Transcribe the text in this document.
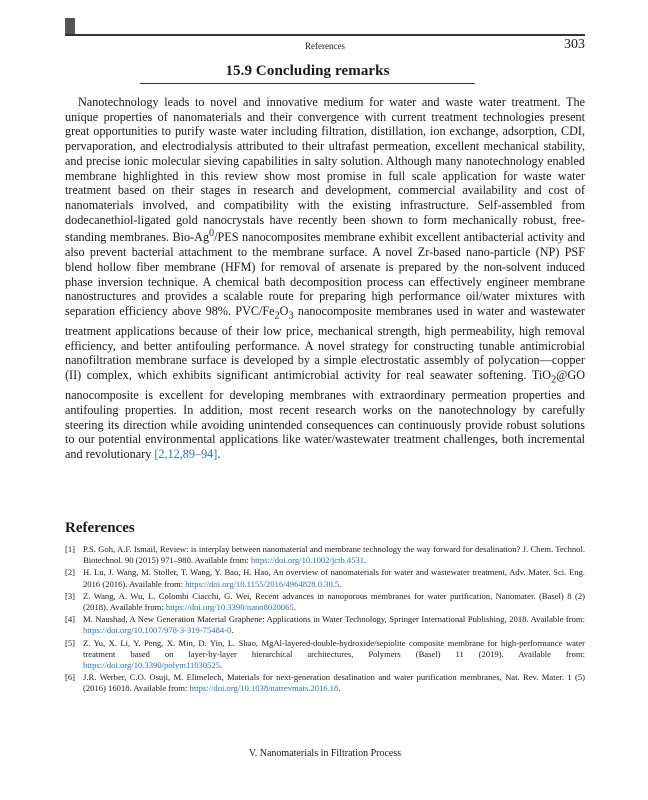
References	303
15.9 Concluding remarks

Nanotechnology leads to novel and innovative medium for water and waste water treatment. The unique properties of nanomaterials and their convergence with current treatment technologies present great opportunities to purify waste water including filtration, distillation, ion exchange, adsorption, CDI, pervaporation, and electrodialysis attributed to their ultrafast permeation, excellent mechanical stability, and precise ionic molecular sieving capabilities in salty solution. Although many nanotechnology enabled membrane highlighted in this review show most promise in full scale application for waste water treatment based on their stages in research and development, commercial availability and cost of nanomaterials involved, and compatibility with the existing infrastructure. Self-assembled from dodecanethiol-ligated gold nanocrystals have recently been shown to form mechanically robust, free-standing membranes. Bio-Ag$^0$/PES nanocomposites membrane exhibit excellent antibacterial activity and also prevent bacterial attachment to the membrane surface. A novel Zr-based nano-particle (NP) PSF blend hollow fiber membrane (HFM) for removal of arsenate is prepared by the non-solvent induced phase inversion technique. A chemical bath decomposition process can effectively engineer membrane nanostructures and provides a scalable route for preparing high performance oil/water mixtures with separation efficiency above 98%. PVC/$Fe_2O_3$ nanocomposite membranes used in water and wastewater treatment applications because of their low price, mechanical strength, high permeability, high removal efficiency, and better antifouling performance. A novel strategy for constructing tunable antimicrobial nanofiltration membrane surface is developed by a simple electrostatic assembly of polycation—copper (II) complex, which exhibits significant antimicrobial activity for real seawater softening. TiO$_2$@GO nanocomposite is excellent for developing membranes with extraordinary permeation properties and antifouling properties. In addition, most recent research works on the nanotechnology by carefully steering its direction while avoiding unintended consequences can continuously provide robust solutions to our potential environmental applications like water/wastewater treatment challenges, both incremental and revolutionary [2,12,89–94].

References
[1] P.S. Goh, A.F. Ismail, Review: is interplay between nanomaterial and membrane technology the way forward for desalination? J. Chem. Technol. Biotechnol. 90 (2015) 971–980. Available from: https://doi.org/10.1002/jctb.4531.
[2] H. Lu, J. Wang, M. Stoller, T. Wang, Y. Bao, H. Hao, An overview of nanomaterials for water and wastewater treatment, Adv. Mater. Sci. Eng. 2016 (2016). Available from: https://doi.org/10.1155/2016/4964828.0.30.5.
[3] Z. Wang, A. Wu, L. Colombi Ciacchi, G. Wei, Recent advances in nanoporous membranes for water purification, Nanomater. (Basel) 8 (2) (2018). Available from: https://doi.org/10.3390/nano8020065.
[4] M. Naushad, A New Generation Material Graphene: Applications in Water Technology, Springer International Publishing, 2018. Available from: https://doi.org/10.1007/978-3-319-75484-0.
[5] Z. Yu, X. Li, Y. Peng, X. Min, D. Yin, L. Shao, MgAl-layered-double-hydroxide/sepiolite composite membrane for high-performance water treatment based on layer-by-layer hierarchical architectures, Polymers (Basel) 11 (2019). Available from: https://doi.org/10.3390/polym11030525.
[6] J.R. Werber, C.O. Osuji, M. Elimelech, Materials for next-generation desalination and water purification membranes, Nat. Rev. Mater. 1 (5) (2016) 16018. Available from: https://doi.org/10.1038/natrevmats.2016.18.
V. Nanomaterials in Filtration Process
